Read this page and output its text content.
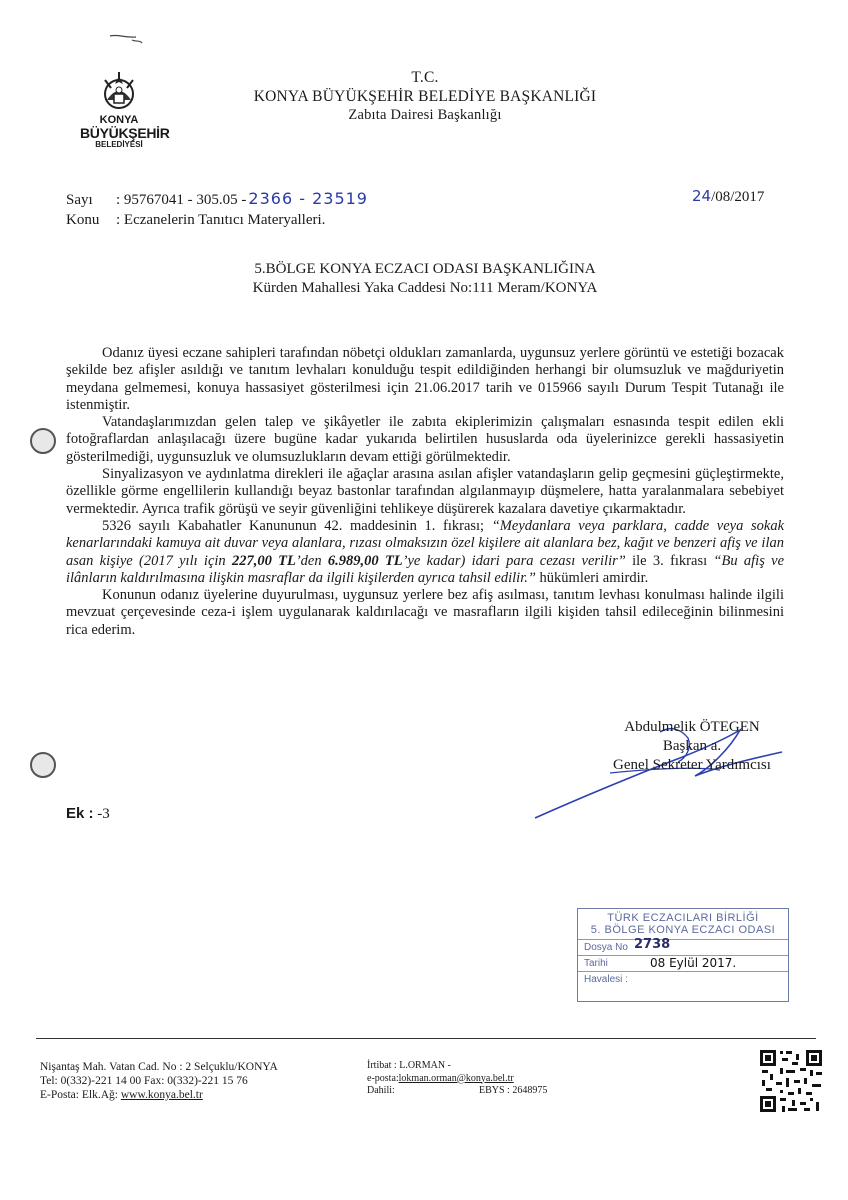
KONYA
BÜYÜKŞEHİR
BELEDİYESİ
T.C.
KONYA BÜYÜKŞEHİR BELEDİYE BAŞKANLIĞI
Zabıta Dairesi Başkanlığı
Sayı : 95767041 - 305.05 - 2366 - 23519
Konu : Eczanelerin Tanıtıcı Materyalleri.
24/08/2017
5.BÖLGE KONYA ECZACI ODASI BAŞKANLIĞINA
Kürden Mahallesi Yaka Caddesi No:111 Meram/KONYA

Odanız üyesi eczane sahipleri tarafından nöbetçi oldukları zamanlarda, uygunsuz yerlere görüntü ve estetiği bozacak şekilde bez afişler asıldığı ve tanıtım levhaları konulduğu tespit edildiğinden herhangi bir olumsuzluk ve mağduriyetin meydana gelmemesi, konuya hassasiyet gösterilmesi için 21.06.2017 tarih ve 015966 sayılı Durum Tespit Tutanağı ile istenmiştir.

Vatandaşlarımızdan gelen talep ve şikâyetler ile zabıta ekiplerimizin çalışmaları esnasında tespit edilen ekli fotoğraflardan anlaşılacağı üzere bugüne kadar yukarıda belirtilen hususlarda oda üyelerinizce gerekli hassasiyetin gösterilmediği, uygunsuzluk ve olumsuzlukların devam ettiği görülmektedir.

Sinyalizasyon ve aydınlatma direkleri ile ağaçlar arasına asılan afişler vatandaşların gelip geçmesini güçleştirmekte, özellikle görme engellilerin kullandığı beyaz bastonlar tarafından algılanmayıp düşmelere, hatta yaralanmalara sebebiyet vermektedir. Ayrıca trafik görüşü ve seyir güvenliğini tehlikeye düşürerek kazalara davetiye çıkarmaktadır.

5326 sayılı Kabahatler Kanununun 42. maddesinin 1. fıkrası; “Meydanlara veya parklara, cadde veya sokak kenarlarındaki kamuya ait duvar veya alanlara, rızası olmaksızın özel kişilere ait alanlara bez, kağıt ve benzeri afiş ve ilan asan kişiye (2017 yılı için 227,00 TL’den 6.989,00 TL’ye kadar) idari para cezası verilir” ile 3. fıkrası “Bu afiş ve ilânların kaldırılmasına ilişkin masraflar da ilgili kişilerden ayrıca tahsil edilir.” hükümleri amirdir.

Konunun odanız üyelerine duyurulması, uygunsuz yerlere bez afiş asılması, tanıtım levhası konulması halinde ilgili mevzuat çerçevesinde ceza-i işlem uygulanarak kaldırılacağı ve masrafların ilgili kişiden tahsil edileceğinin bilinmesini rica ederim.

Abdulmelik ÖTEGEN
Başkan a.
Genel Sekreter Yardımcısı
Ek : -3
TÜRK ECZACILARI BİRLİĞİ
5. BÖLGE KONYA ECZACI ODASI
Dosya No 2738
Tarihi	08 Eylül 2017.
Havalesi :
Nişantaş Mah. Vatan Cad. No : 2 Selçuklu/KONYA
Tel: 0(332)-221 14 00 Fax: 0(332)-221 15 76
E-Posta: Elk.Ağ: www.konya.bel.tr
İrtibat : L.ORMAN -
e-posta:lokman.orman@konya.bel.tr
Dahili:	EBYS : 2648975
